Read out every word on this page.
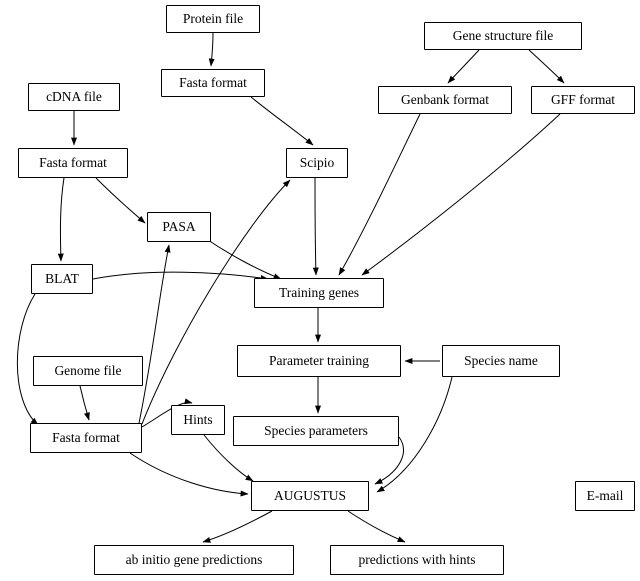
Protein file
Gene structure file
Fasta format
cDNA file	Genbank format	GFF format
Fasta format	Scipio
PASA
BLAT
Training genes
Parameter training	Species name
Genome file
Hints
Species parameters
Fasta format
AUGUSTUS	E-mail
ab initio gene predictions	predictions with hints
